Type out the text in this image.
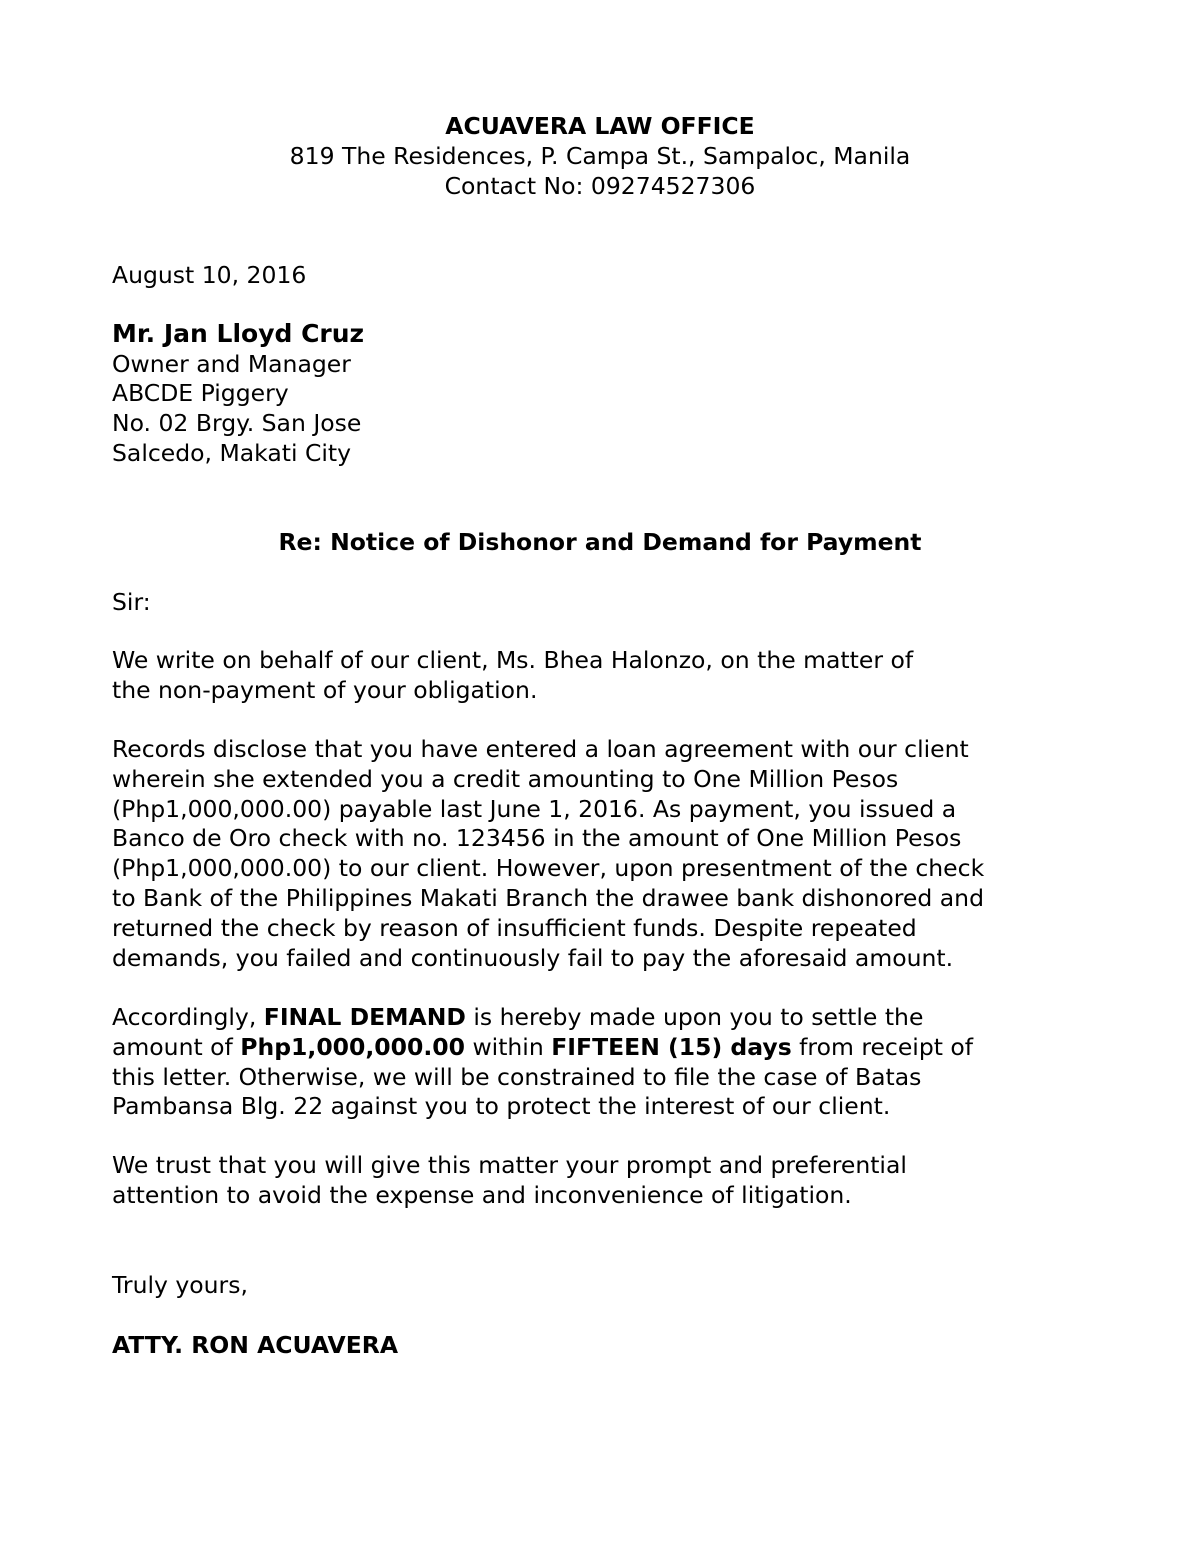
ACUAVERA LAW OFFICE
819 The Residences, P. Campa St., Sampaloc, Manila
Contact No: 09274527306
August 10, 2016
Mr. Jan Lloyd Cruz
Owner and Manager
ABCDE Piggery
No. 02 Brgy. San Jose
Salcedo, Makati City
Re: Notice of Dishonor and Demand for Payment
Sir:
We write on behalf of our client, Ms. Bhea Halonzo, on the matter of
the non-payment of your obligation.
Records disclose that you have entered a loan agreement with our client
wherein she extended you a credit amounting to One Million Pesos
(Php1,000,000.00) payable last June 1, 2016. As payment, you issued a
Banco de Oro check with no. 123456 in the amount of One Million Pesos
(Php1,000,000.00) to our client. However, upon presentment of the check
to Bank of the Philippines Makati Branch the drawee bank dishonored and
returned the check by reason of insufficient funds. Despite repeated
demands, you failed and continuously fail to pay the aforesaid amount.
Accordingly, FINAL DEMAND is hereby made upon you to settle the
amount of Php1,000,000.00 within FIFTEEN (15) days from receipt of
this letter. Otherwise, we will be constrained to file the case of Batas
Pambansa Blg. 22 against you to protect the interest of our client.
We trust that you will give this matter your prompt and preferential
attention to avoid the expense and inconvenience of litigation.
Truly yours,
ATTY. RON ACUAVERA
